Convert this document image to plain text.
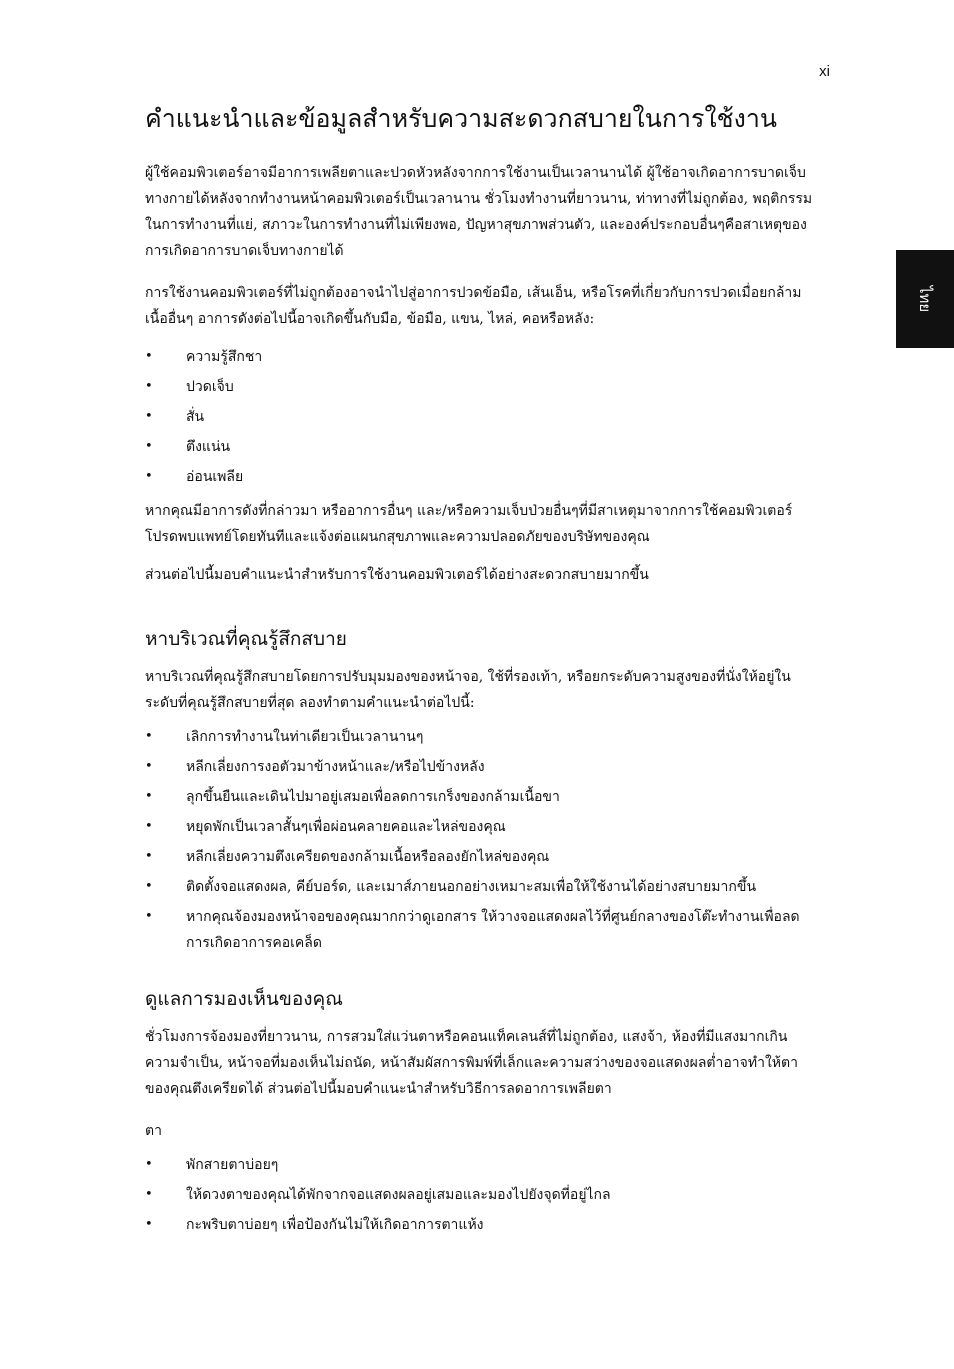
xi
ไทย
คำแนะนำและข้อมูลสำหรับความสะดวกสบายในการใช้งาน

ผู้ใช้คอมพิวเตอร์อาจมีอาการเพลียตาและปวดหัวหลังจากการใช้งานเป็นเวลานานได้ ผู้ใช้อาจเกิดอาการบาดเจ็บทางกายได้หลังจากทำงานหน้าคอมพิวเตอร์เป็นเวลานาน ชั่วโมงทำงานที่ยาวนาน, ท่าทางที่ไม่ถูกต้อง, พฤติกรรมในการทำงานที่แย่, สภาวะในการทำงานที่ไม่เพียงพอ, ปัญหาสุขภาพส่วนตัว, และองค์ประกอบอื่นๆคือสาเหตุของการเกิดอาการบาดเจ็บทางกายได้

การใช้งานคอมพิวเตอร์ที่ไม่ถูกต้องอาจนำไปสู่อาการปวดข้อมือ, เส้นเอ็น, หรือโรคที่เกี่ยวกับการปวดเมื่อยกล้ามเนื้ออื่นๆ อาการดังต่อไปนี้อาจเกิดขึ้นกับมือ, ข้อมือ, แขน, ไหล่, คอหรือหลัง:

• ความรู้สึกชา
• ปวดเจ็บ
• สั่น
• ตึงแน่น
• อ่อนเพลีย

หากคุณมีอาการดังที่กล่าวมา หรืออาการอื่นๆ และ/หรือความเจ็บป่วยอื่นๆที่มีสาเหตุมาจากการใช้คอมพิวเตอร์ โปรดพบแพทย์โดยทันทีและแจ้งต่อแผนกสุขภาพและความปลอดภัยของบริษัทของคุณ

ส่วนต่อไปนี้มอบคำแนะนำสำหรับการใช้งานคอมพิวเตอร์ได้อย่างสะดวกสบายมากขึ้น

หาบริเวณที่คุณรู้สึกสบาย

หาบริเวณที่คุณรู้สึกสบายโดยการปรับมุมมองของหน้าจอ, ใช้ที่รองเท้า, หรือยกระดับความสูงของที่นั่งให้อยู่ในระดับที่คุณรู้สึกสบายที่สุด ลองทำตามคำแนะนำต่อไปนี้:

• เลิกการทำงานในท่าเดียวเป็นเวลานานๆ
• หลีกเลี่ยงการงอตัวมาข้างหน้าและ/หรือไปข้างหลัง
• ลุกขึ้นยืนและเดินไปมาอยู่เสมอเพื่อลดการเกร็งของกล้ามเนื้อขา
• หยุดพักเป็นเวลาสั้นๆเพื่อผ่อนคลายคอและไหล่ของคุณ
• หลีกเลี่ยงความตึงเครียดของกล้ามเนื้อหรือลองยักไหล่ของคุณ
• ติดตั้งจอแสดงผล, คีย์บอร์ด, และเมาส์ภายนอกอย่างเหมาะสมเพื่อให้ใช้งานได้อย่างสบายมากขึ้น
• หากคุณจ้องมองหน้าจอของคุณมากกว่าดูเอกสาร ให้วางจอแสดงผลไว้ที่ศูนย์กลางของโต๊ะทำงานเพื่อลดการเกิดอาการคอเคล็ด
ดูแลการมองเห็นของคุณ

ชั่วโมงการจ้องมองที่ยาวนาน, การสวมใส่แว่นตาหรือคอนแท็คเลนส์ที่ไม่ถูกต้อง, แสงจ้า, ห้องที่มีแสงมากเกินความจำเป็น, หน้าจอที่มองเห็นไม่ถนัด, หน้าสัมผัสการพิมพ์ที่เล็กและความสว่างของจอแสดงผลต่ำอาจทำให้ตาของคุณตึงเครียดได้ ส่วนต่อไปนี้มอบคำแนะนำสำหรับวิธีการลดอาการเพลียตา

ตา

• พักสายตาบ่อยๆ
• ให้ดวงตาของคุณได้พักจากจอแสดงผลอยู่เสมอและมองไปยังจุดที่อยู่ไกล
• กะพริบตาบ่อยๆ เพื่อป้องกันไม่ให้เกิดอาการตาแห้ง
